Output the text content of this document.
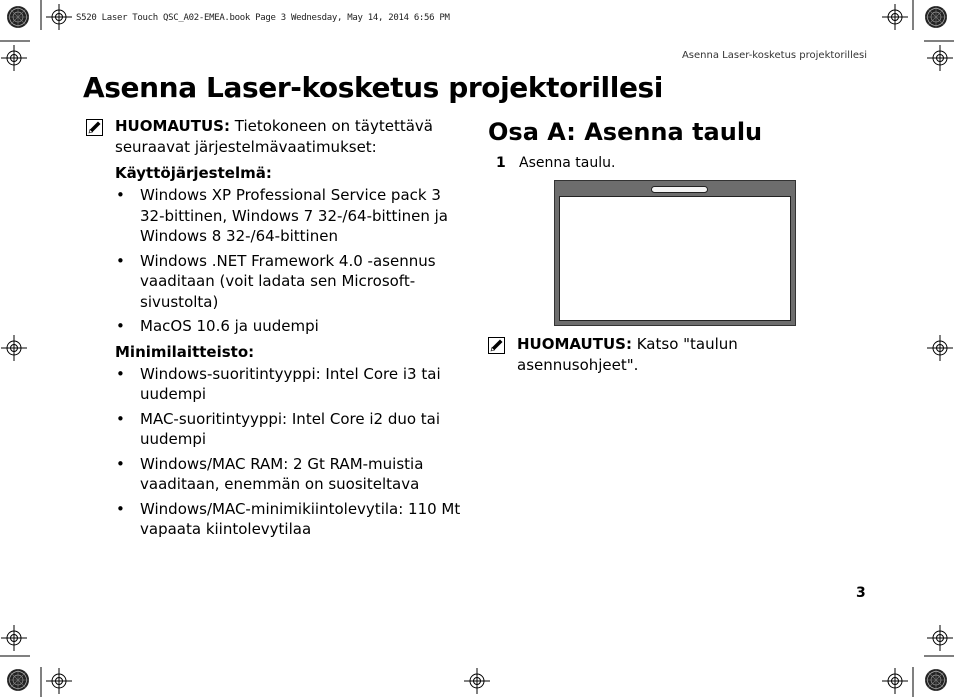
S520 Laser Touch QSC_A02-EMEA.book Page 3 Wednesday, May 14, 2014 6:56 PM
Asenna Laser-kosketus projektorillesi
Asenna Laser-kosketus projektorillesi
HUOMAUTUS: Tietokoneen on täytettävä seuraavat järjestelmävaatimukset:
Käyttöjärjestelmä:
• Windows XP Professional Service pack 3 32-bittinen, Windows 7 32-/64-bittinen ja Windows 8 32-/64-bittinen
• Windows .NET Framework 4.0 -asennus vaaditaan (voit ladata sen Microsoft-sivustolta)
• MacOS 10.6 ja uudempi
Minimilaitteisto:
• Windows-suoritintyyppi: Intel Core i3 tai uudempi
• MAC-suoritintyyppi: Intel Core i2 duo tai uudempi
• Windows/MAC RAM: 2 Gt RAM-muistia vaaditaan, enemmän on suositeltava
• Windows/MAC-minimikiintolevytila: 110 Mt vapaata kiintolevytilaa
Osa A: Asenna taulu
1 Asenna taulu.
HUOMAUTUS: Katso "taulun asennusohjeet".
3
